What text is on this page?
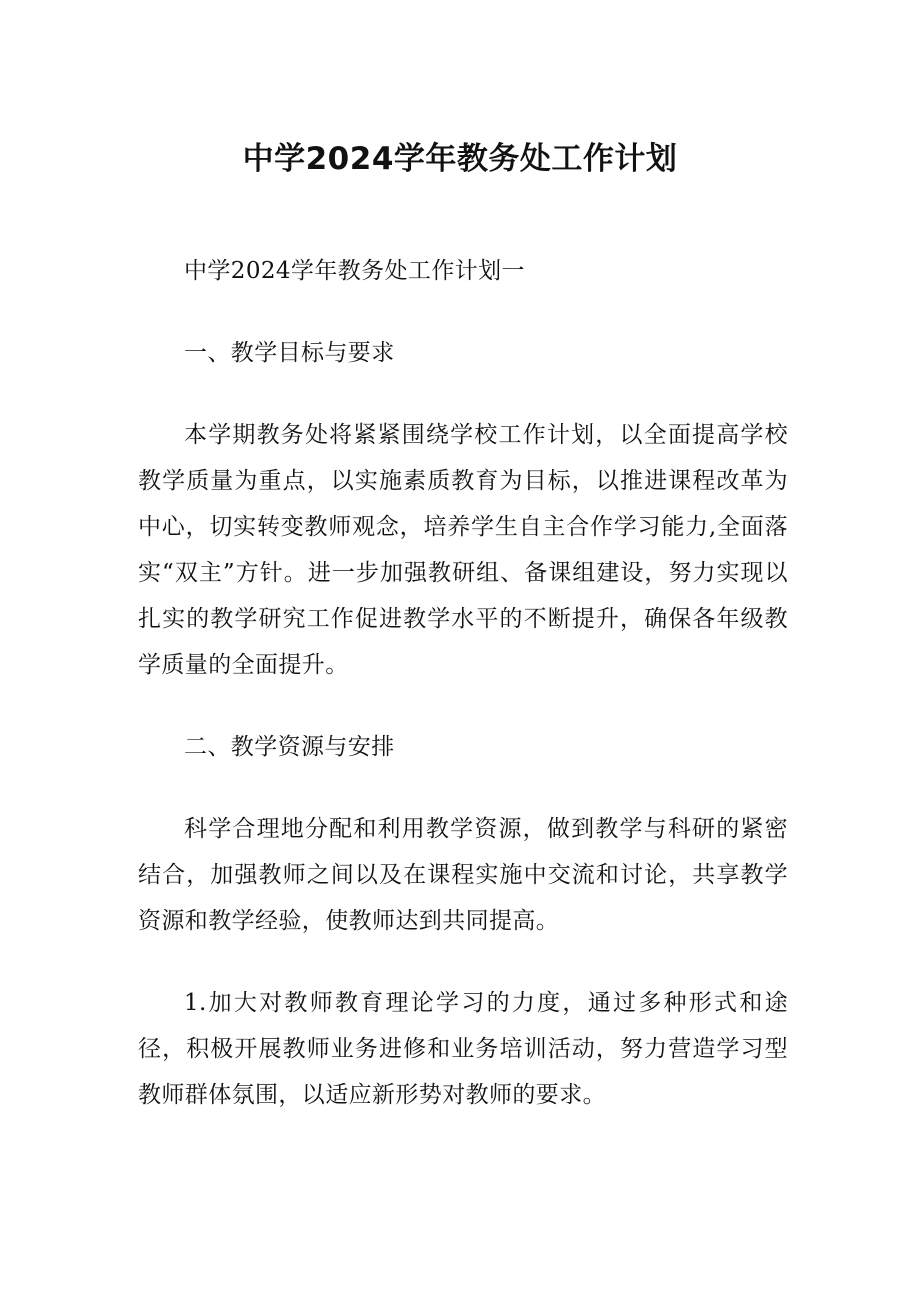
中学2024学年教务处工作计划

中学2024学年教务处工作计划一

一、教学目标与要求

本学期教务处将紧紧围绕学校工作计划，以全面提高学校教学质量为重点，以实施素质教育为目标，以推进课程改革为中心，切实转变教师观念，培养学生自主合作学习能力,全面落实“双主”方针。进一步加强教研组、备课组建设，努力实现以扎实的教学研究工作促进教学水平的不断提升，确保各年级教学质量的全面提升。

二、教学资源与安排

科学合理地分配和利用教学资源，做到教学与科研的紧密结合，加强教师之间以及在课程实施中交流和讨论，共享教学资源和教学经验，使教师达到共同提高。

1.加大对教师教育理论学习的力度，通过多种形式和途径，积极开展教师业务进修和业务培训活动，努力营造学习型教师群体氛围，以适应新形势对教师的要求。
